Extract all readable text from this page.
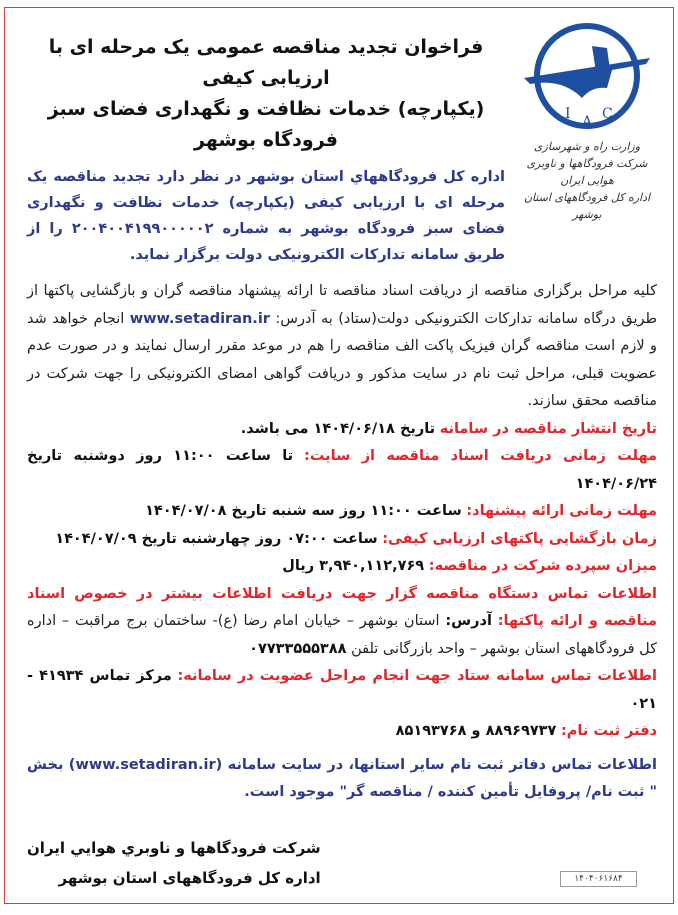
I A C
وزارت راه و شهرسازی
شرکت فرودگاهها و ناوبری هوایی ایران
اداره کل فرودگاههای استان بوشهر
فراخوان تجدید مناقصه عمومی یک مرحله ای با ارزیابی کیفی
(یکپارچه) خدمات نظافت و نگهداری فضای سبز فرودگاه بوشهر
اداره کل فرودگاههاي استان بوشهر در نظر دارد تجدید مناقصه یک مرحله ای با ارزیابی کیفی (یکپارچه) خدمات نظافت و نگهداری فضای سبز فرودگاه بوشهر به شماره ۲۰۰۴۰۰۴۱۹۹۰۰۰۰۰۲ را از طریق سامانه تدارکات الکترونیکی دولت برگزار نماید.

کلیه مراحل برگزاری مناقصه از دریافت اسناد مناقصه تا ارائه پیشنهاد مناقصه گران و بازگشایی پاکتها از طریق درگاه سامانه تدارکات الکترونیکی دولت(ستاد) به آدرس: www.setadiran.ir انجام خواهد شد و لازم است مناقصه گران فیزیک پاکت الف مناقصه را هم در موعد مقرر ارسال نمایند و در صورت عدم عضویت قبلی، مراحل ثبت نام در سایت مذکور و دریافت گواهی امضای الکترونیکی را جهت شرکت در مناقصه محقق سازند.

تاریخ انتشار مناقصه در سامانه تاریخ ۱۴۰۴/۰۶/۱۸ می باشد.

مهلت زمانی دریافت اسناد مناقصه از سایت: تا ساعت ۱۱:۰۰ روز دوشنبه تاریخ ۱۴۰۴/۰۶/۲۴

مهلت زمانی ارائه پیشنهاد: ساعت ۱۱:۰۰ روز سه شنبه تاریخ ۱۴۰۴/۰۷/۰۸

زمان بازگشایی پاکتهای ارزیابی کیفی: ساعت ۰۷:۰۰ روز چهارشنبه تاریخ ۱۴۰۴/۰۷/۰۹

میزان سپرده شرکت در مناقصه: ۳,۹۴۰,۱۱۲,۷۶۹ ریال

اطلاعات تماس دستگاه مناقصه گزار جهت دریافت اطلاعات بیشتر در خصوص اسناد مناقصه و ارائه پاکتها: آدرس: استان بوشهر – خیابان امام رضا (ع)- ساختمان برج مراقبت – اداره کل فرودگاههای استان بوشهر – واحد بازرگانی تلفن ۰۷۷۳۳۵۵۵۳۸۸

اطلاعات تماس سامانه ستاد جهت انجام مراحل عضویت در سامانه: مرکز تماس ۴۱۹۳۴ - ۰۲۱

دفتر ثبت نام: ۸۸۹۶۹۷۳۷ و ۸۵۱۹۳۷۶۸

اطلاعات تماس دفاتر ثبت نام سایر استانها، در سایت سامانه (www.setadiran.ir) بخش " ثبت نام/ پروفایل تأمین کننده / مناقصه گر" موجود است.

شرکت فرودگاهها و ناوبري هوایي ایران
اداره کل فرودگاههای استان بوشهر	۱۴۰۴۰۶۱۶۸۴
